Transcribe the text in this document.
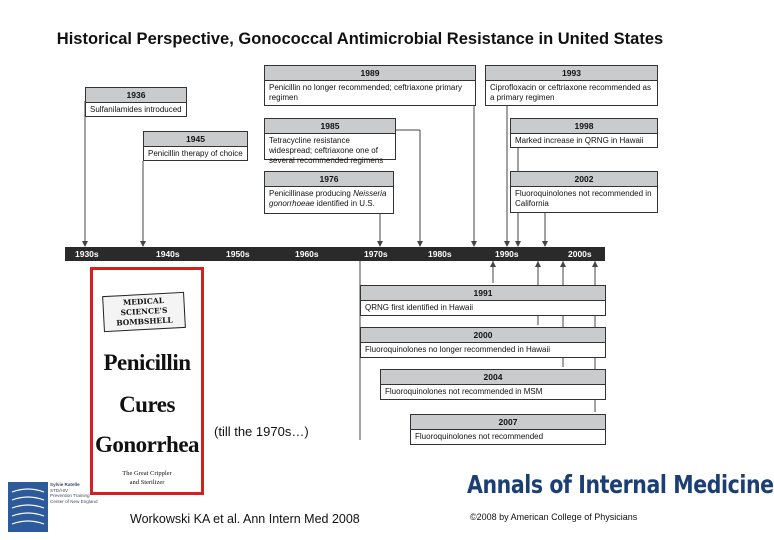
Historical Perspective, Gonococcal Antimicrobial Resistance in United States
1936
Sulfanilamides introduced
1945
Penicillin therapy of choice
1989
Penicillin no longer recommended; ceftriaxone primary regimen
1985
Tetracycline resistance widespread; ceftriaxone one of several recommended regimens
1976
Penicillinase producing Neisseria gonorrhoeae identified in U.S.
1993
Ciprofloxacin or ceftriaxone recommended as a primary regimen
1998
Marked increase in QRNG in Hawaii
2002
Fluoroquinolones not recommended in California
1930s	1940s	1950s	1960s	1970s	1980s	1990s	2000s
1991
QRNG first identified in Hawaii
2000
Fluoroquinolones no longer recommended in Hawaii
2004
Fluoroquinolones not recommended in MSM
2007
Fluoroquinolones not recommended
MEDICAL SCIENCE'S
BOMBSHELL
Penicillin
Cures
Gonorrhea
The Great Crippler
and Sterilizer
(till the 1970s…)
Sylvie Ratelle
STD/HIV
Prevention Training
Center of New England
Workowski KA et al. Ann Intern Med 2008
Annals of Internal Medicine
©2008 by American College of Physicians
